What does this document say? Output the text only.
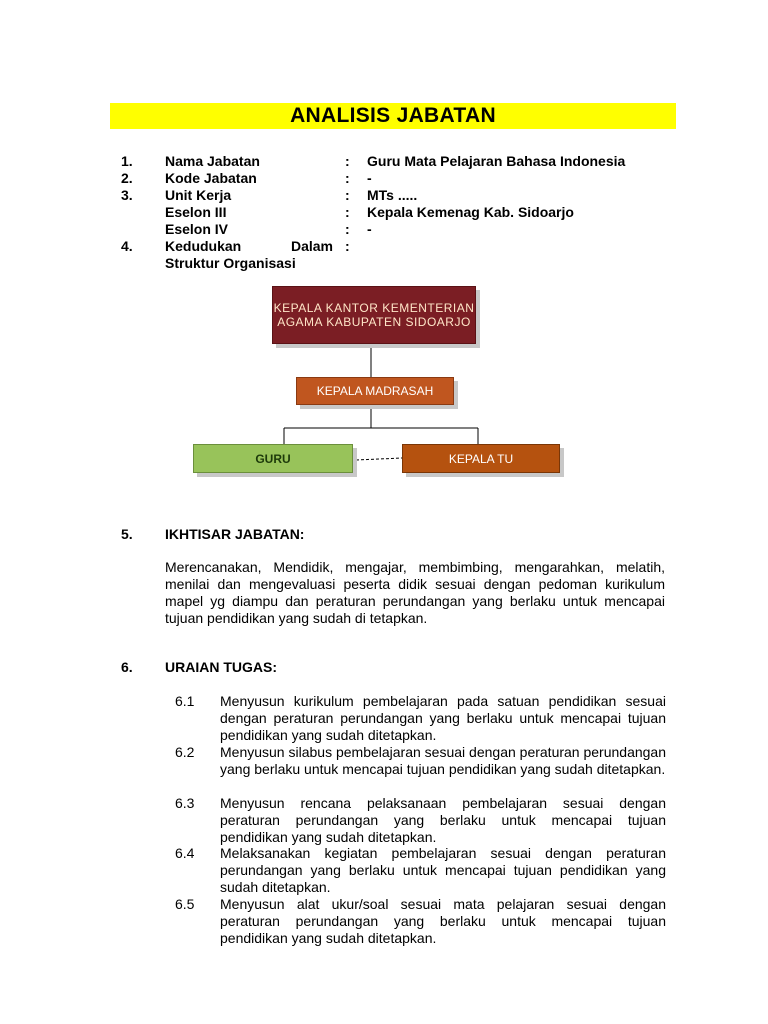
ANALISIS JABATAN
1. Nama Jabatan	: Guru Mata Pelajaran Bahasa Indonesia
2. Kode Jabatan	: -
3. Unit Kerja	: MTs .....
Eselon III	: Kepala Kemenag Kab. Sidoarjo
Eselon IV	: -
4. Kedudukan	Dalam :
Struktur Organisasi
KEPALA KANTOR KEMENTERIAN AGAMA KABUPATEN SIDOARJO
KEPALA MADRASAH
GURU	KEPALA TU
5. IKHTISAR JABATAN:
Merencanakan, Mendidik, mengajar, membimbing, mengarahkan, melatih, menilai dan mengevaluasi peserta didik sesuai dengan pedoman kurikulum mapel yg diampu dan peraturan perundangan yang berlaku untuk mencapai tujuan pendidikan yang sudah di tetapkan.
6. URAIAN TUGAS:
6.1 Menyusun kurikulum pembelajaran pada satuan pendidikan sesuai dengan peraturan perundangan yang berlaku untuk mencapai tujuan pendidikan yang sudah ditetapkan.
6.2 Menyusun silabus pembelajaran sesuai dengan peraturan perundangan yang berlaku untuk mencapai tujuan pendidikan yang sudah ditetapkan.
6.3 Menyusun rencana pelaksanaan pembelajaran sesuai dengan peraturan perundangan yang berlaku untuk mencapai tujuan pendidikan yang sudah ditetapkan.
6.4 Melaksanakan kegiatan pembelajaran sesuai dengan peraturan perundangan yang berlaku untuk mencapai tujuan pendidikan yang sudah ditetapkan.
6.5 Menyusun alat ukur/soal sesuai mata pelajaran sesuai dengan peraturan perundangan yang berlaku untuk mencapai tujuan pendidikan yang sudah ditetapkan.
